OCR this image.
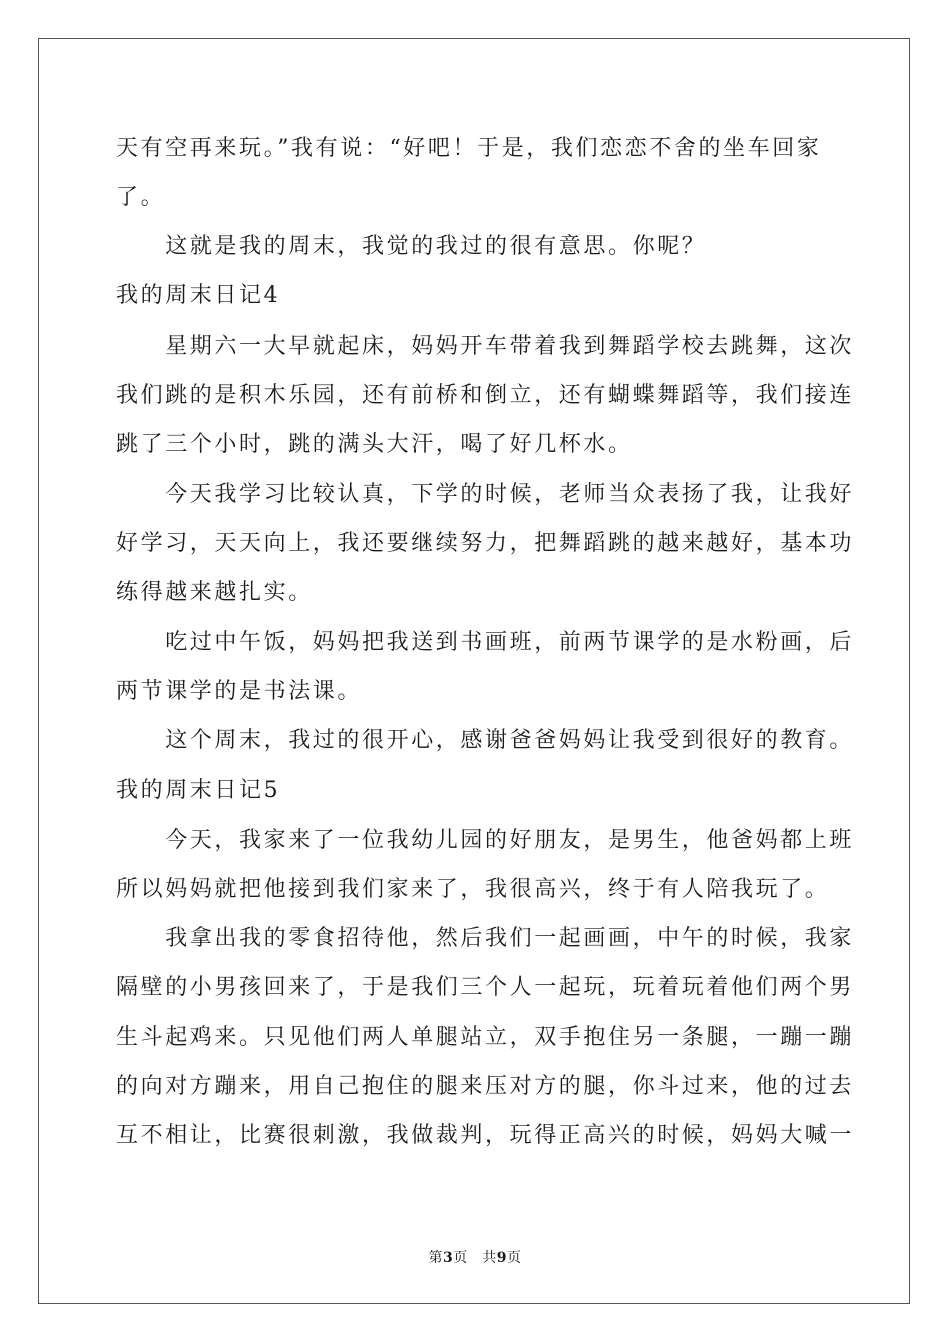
天有空再来玩。”我有说：“好吧！于是，我们恋恋不舍的坐车回家
了。
　　这就是我的周末，我觉的我过的很有意思。你呢？
我的周末日记4
　　星期六一大早就起床，妈妈开车带着我到舞蹈学校去跳舞，这次
我们跳的是积木乐园，还有前桥和倒立，还有蝴蝶舞蹈等，我们接连
跳了三个小时，跳的满头大汗，喝了好几杯水。
　　今天我学习比较认真，下学的时候，老师当众表扬了我，让我好
好学习，天天向上，我还要继续努力，把舞蹈跳的越来越好，基本功
练得越来越扎实。
　　吃过中午饭，妈妈把我送到书画班，前两节课学的是水粉画，后
两节课学的是书法课。
　　这个周末，我过的很开心，感谢爸爸妈妈让我受到很好的教育。
我的周末日记5
　　今天，我家来了一位我幼儿园的好朋友，是男生，他爸妈都上班
所以妈妈就把他接到我们家来了，我很高兴，终于有人陪我玩了。
　　我拿出我的零食招待他，然后我们一起画画，中午的时候，我家
隔壁的小男孩回来了，于是我们三个人一起玩，玩着玩着他们两个男
生斗起鸡来。只见他们两人单腿站立，双手抱住另一条腿，一蹦一蹦
的向对方蹦来，用自己抱住的腿来压对方的腿，你斗过来，他的过去
互不相让，比赛很刺激，我做裁判，玩得正高兴的时候，妈妈大喊一
第3页　共9页
